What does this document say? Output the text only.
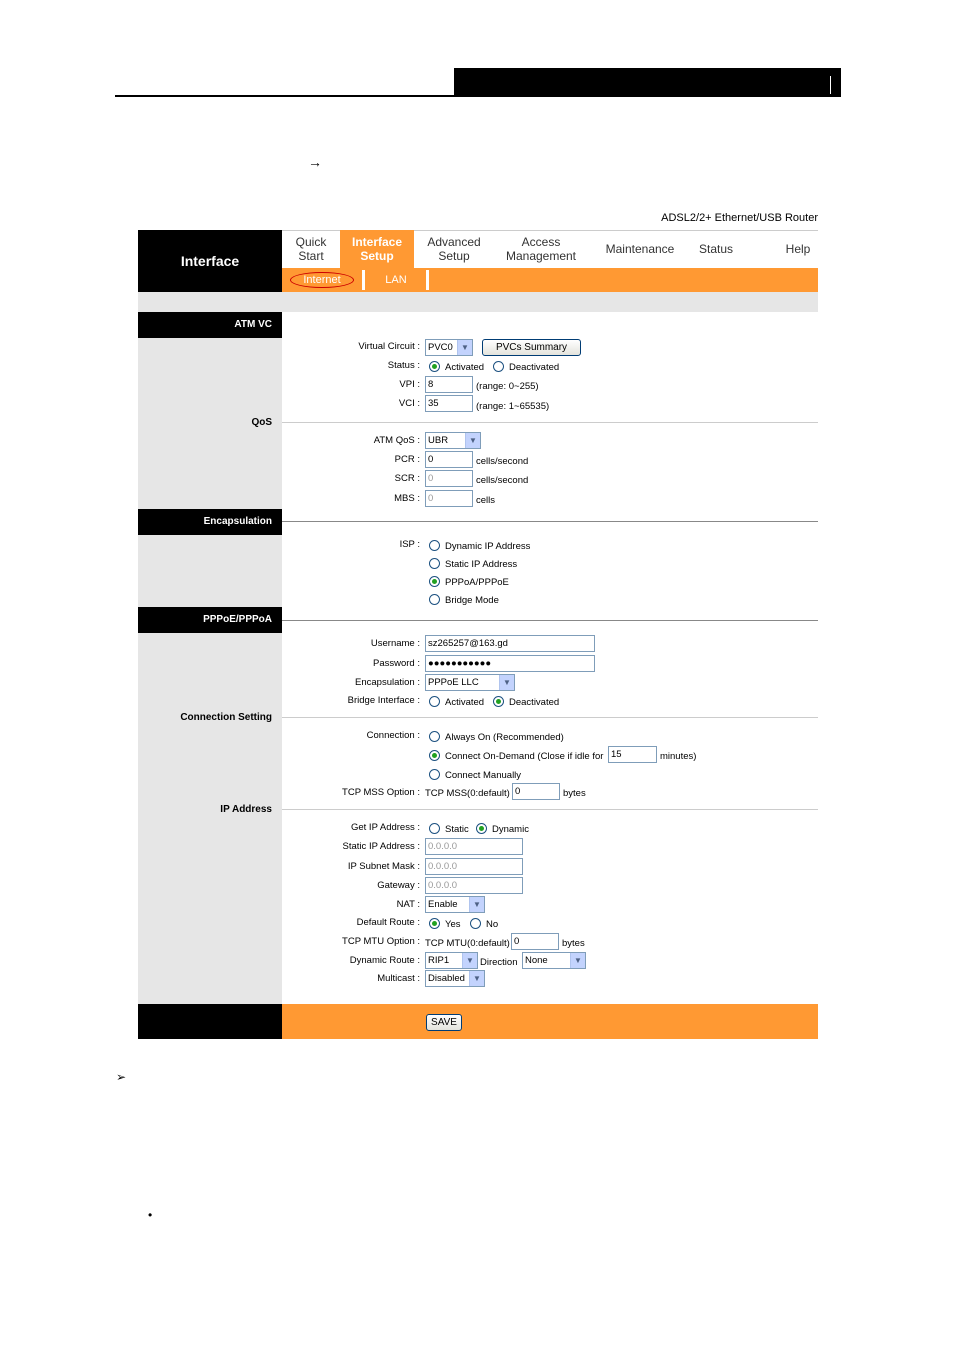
→
ADSL2/2+ Ethernet/USB Router
Interface
Quick
Start
Interface
Setup
Advanced
Setup
Access
Management Maintenance Status	Help
Internet	LAN
ATM VC
QoS
Encapsulation
PPPoE/PPPoA
Connection Setting
IP Address
Virtual Circuit : PVC0	▼	PVCs Summary
Status :	Activated	Deactivated
VPI : 8	(range: 0~255)
VCI : 35	(range: 1~65535)
ATM QoS : UBR	▼
PCR : 0	cells/second
SCR : 0	cells/second
MBS : 0	cells
ISP :	Dynamic IP Address
Static IP Address
PPPoA/PPPoE
Bridge Mode
Username : sz265257@163.gd
Password : ●●●●●●●●●●●
Encapsulation : PPPoE LLC	▼
Bridge Interface :	Activated	Deactivated
Connection :	Always On (Recommended)
Connect On-Demand (Close if idle for 15	minutes)
Connect Manually
TCP MSS Option : TCP MSS(0:default) 0	bytes
Get IP Address :	Static Dynamic
Static IP Address : 0.0.0.0
IP Subnet Mask : 0.0.0.0
Gateway : 0.0.0.0
NAT : Enable	▼
Default Route :	Yes	No
TCP MTU Option : TCP MTU(0:default) 0	bytes
Dynamic Route : RIP1	▼ Direction None	▼
Multicast : Disabled	▼
SAVE
➢
•
